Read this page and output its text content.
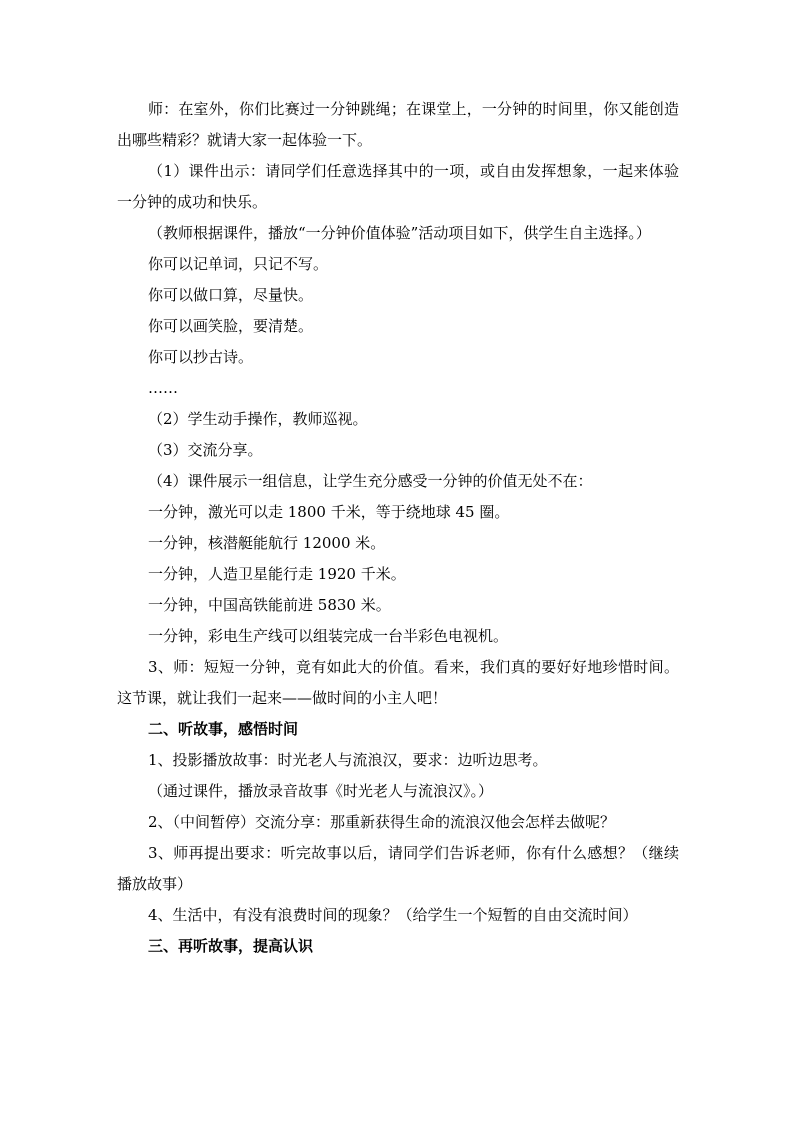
师：在室外，你们比赛过一分钟跳绳；在课堂上，一分钟的时间里，你又能创造出哪些精彩？就请大家一起体验一下。

（1）课件出示：请同学们任意选择其中的一项，或自由发挥想象，一起来体验一分钟的成功和快乐。

（教师根据课件，播放“一分钟价值体验”活动项目如下，供学生自主选择。）

你可以记单词，只记不写。

你可以做口算，尽量快。

你可以画笑脸，要清楚。

你可以抄古诗。

……

（2）学生动手操作，教师巡视。

（3）交流分享。

（4）课件展示一组信息，让学生充分感受一分钟的价值无处不在：

一分钟，激光可以走 1800 千米，等于绕地球 45 圈。

一分钟，核潜艇能航行 12000 米。

一分钟，人造卫星能行走 1920 千米。

一分钟，中国高铁能前进 5830 米。

一分钟，彩电生产线可以组装完成一台半彩色电视机。

3、师：短短一分钟，竟有如此大的价值。看来，我们真的要好好地珍惜时间。这节课，就让我们一起来——做时间的小主人吧！

二、听故事，感悟时间

1、投影播放故事：时光老人与流浪汉，要求：边听边思考。

（通过课件，播放录音故事《时光老人与流浪汉》。）

2、（中间暂停）交流分享：那重新获得生命的流浪汉他会怎样去做呢？

3、师再提出要求：听完故事以后，请同学们告诉老师，你有什么感想？（继续播放故事）

4、生活中，有没有浪费时间的现象？（给学生一个短暂的自由交流时间）

三、再听故事，提高认识
